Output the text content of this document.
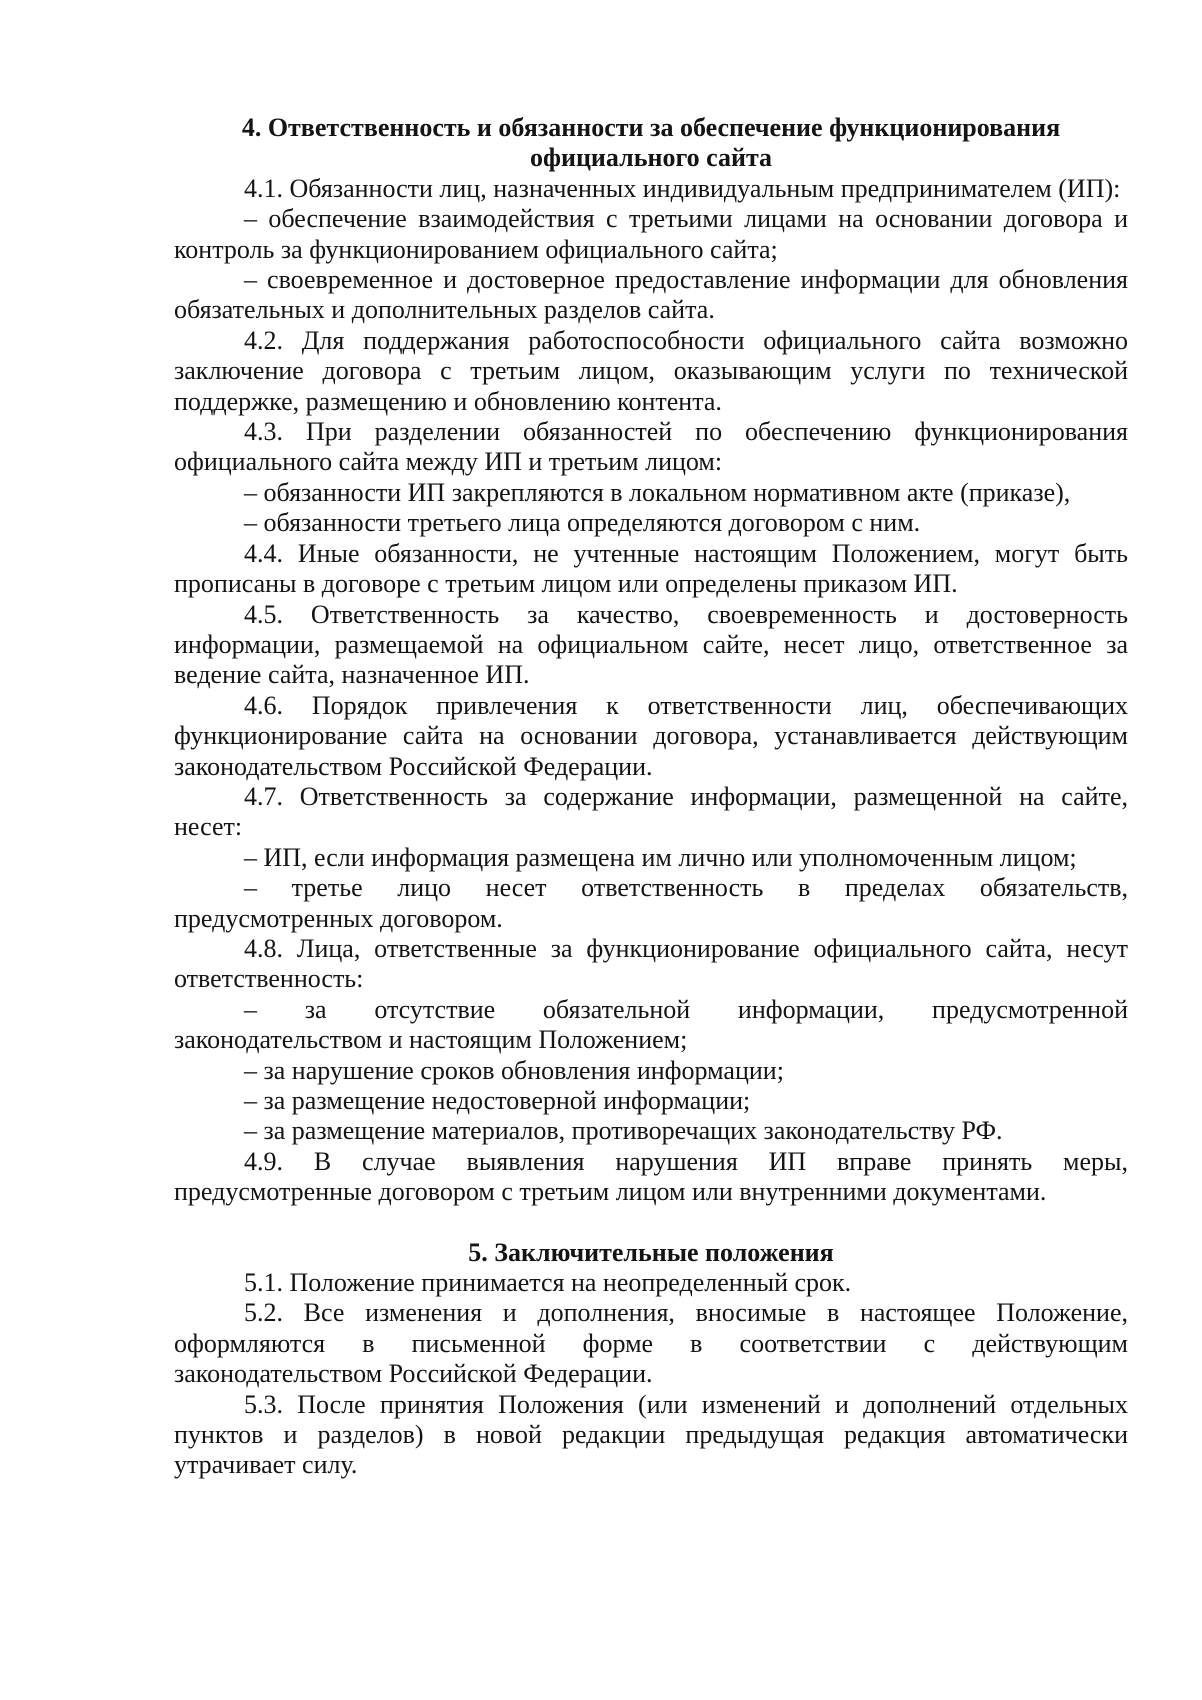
4. Ответственность и обязанности за обеспечение функционирования официального сайта

4.1. Обязанности лиц, назначенных индивидуальным предпринимателем (ИП):

– обеспечение взаимодействия с третьими лицами на основании договора и контроль за функционированием официального сайта;

– своевременное и достоверное предоставление информации для обновления обязательных и дополнительных разделов сайта.

4.2. Для поддержания работоспособности официального сайта возможно заключение договора с третьим лицом, оказывающим услуги по технической поддержке, размещению и обновлению контента.

4.3. При разделении обязанностей по обеспечению функционирования официального сайта между ИП и третьим лицом:

– обязанности ИП закрепляются в локальном нормативном акте (приказе),

– обязанности третьего лица определяются договором с ним.

4.4. Иные обязанности, не учтенные настоящим Положением, могут быть прописаны в договоре с третьим лицом или определены приказом ИП.

4.5. Ответственность за качество, своевременность и достоверность информации, размещаемой на официальном сайте, несет лицо, ответственное за ведение сайта, назначенное ИП.

4.6. Порядок привлечения к ответственности лиц, обеспечивающих функционирование сайта на основании договора, устанавливается действующим законодательством Российской Федерации.

4.7. Ответственность за содержание информации, размещенной на сайте, несет:

– ИП, если информация размещена им лично или уполномоченным лицом;

– третье лицо несет ответственность в пределах обязательств, предусмотренных договором.

4.8. Лица, ответственные за функционирование официального сайта, несут ответственность:

– за отсутствие обязательной информации, предусмотренной законодательством и настоящим Положением;

– за нарушение сроков обновления информации;

– за размещение недостоверной информации;

– за размещение материалов, противоречащих законодательству РФ.

4.9. В случае выявления нарушения ИП вправе принять меры, предусмотренные договором с третьим лицом или внутренними документами.

5. Заключительные положения

5.1. Положение принимается на неопределенный срок.

5.2. Все изменения и дополнения, вносимые в настоящее Положение, оформляются в письменной форме в соответствии с действующим законодательством Российской Федерации.

5.3. После принятия Положения (или изменений и дополнений отдельных пунктов и разделов) в новой редакции предыдущая редакция автоматически утрачивает силу.
